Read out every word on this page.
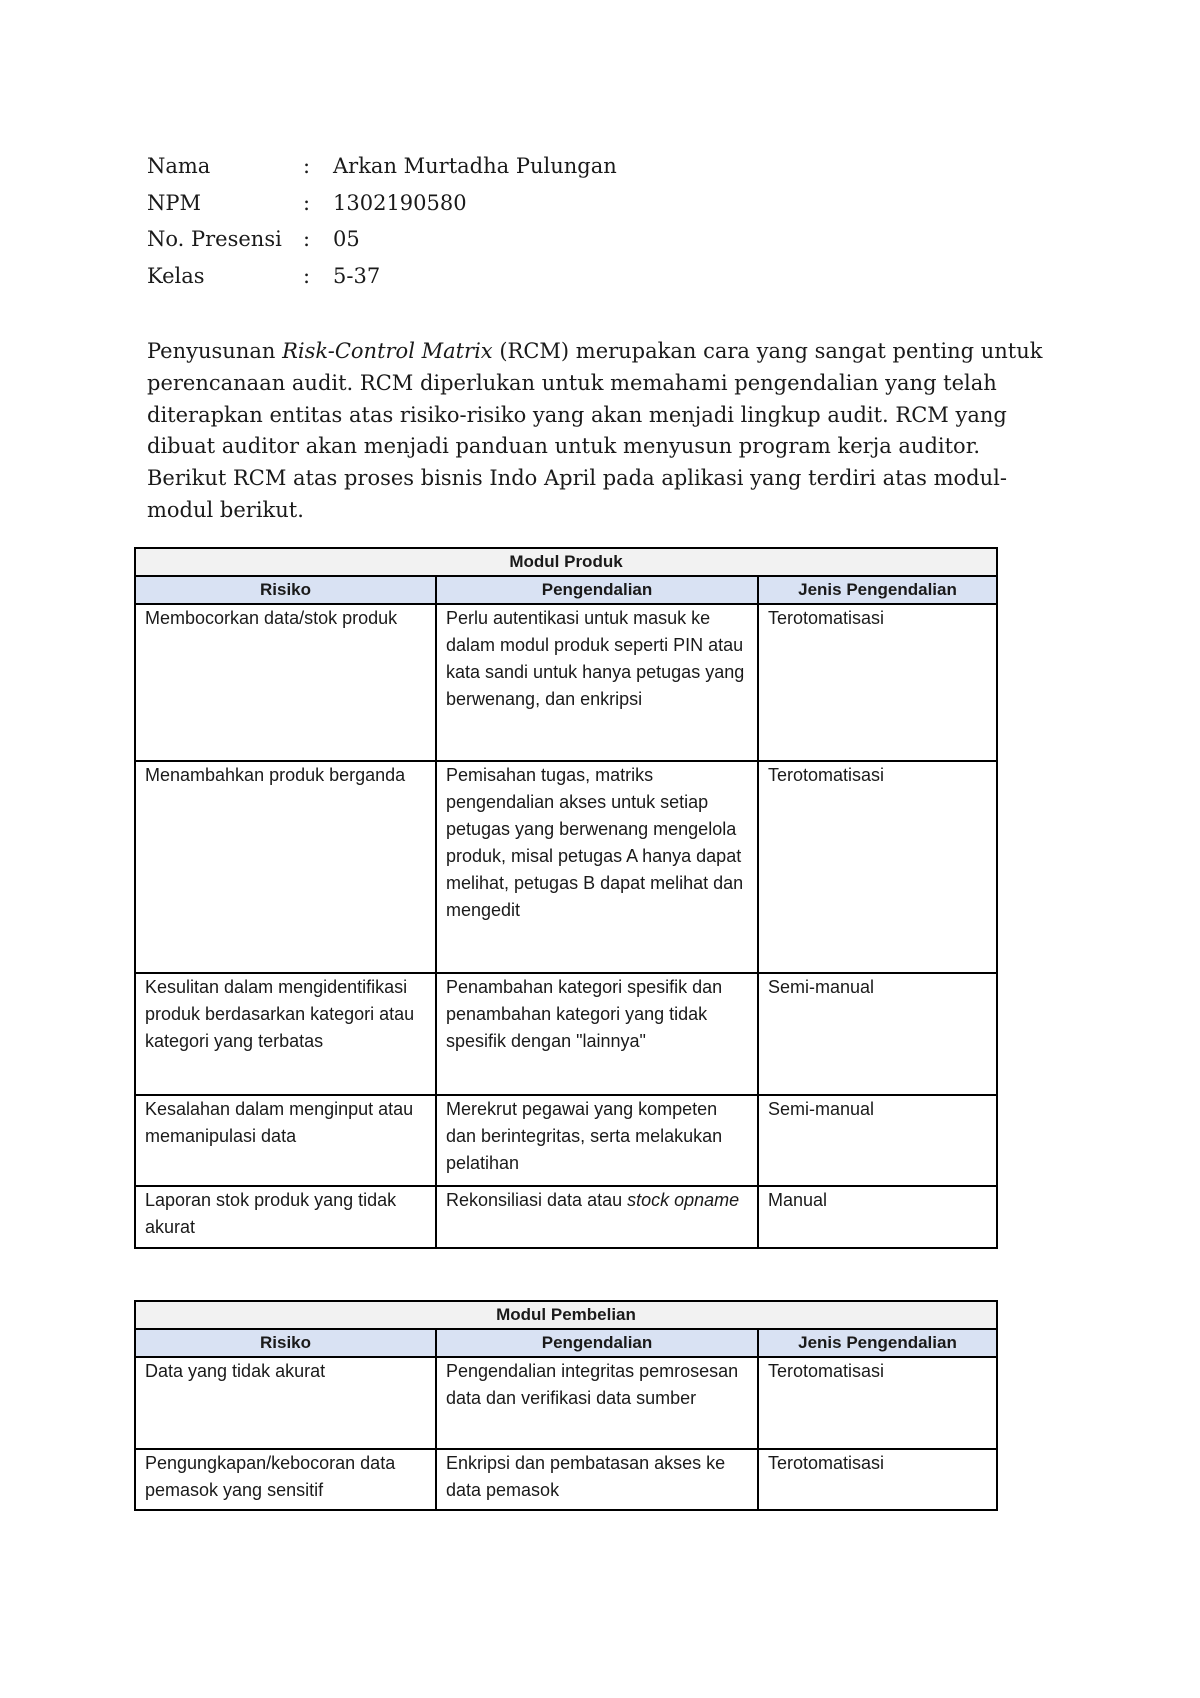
Nama	:	Arkan Murtadha Pulungan
NPM	:	1302190580
No. Presensi	:	05
Kelas	:	5-37

Penyusunan Risk-Control Matrix (RCM) merupakan cara yang sangat penting untuk perencanaan audit. RCM diperlukan untuk memahami pengendalian yang telah diterapkan entitas atas risiko-risiko yang akan menjadi lingkup audit. RCM yang dibuat auditor akan menjadi panduan untuk menyusun program kerja auditor. Berikut RCM atas proses bisnis Indo April pada aplikasi yang terdiri atas modul-modul berikut.

Modul Produk		
Risiko	Pengendalian	Jenis Pengendalian
Membocorkan data/stok produk	Perlu autentikasi untuk masuk ke dalam modul produk seperti PIN atau kata sandi untuk hanya petugas yang berwenang, dan enkripsi	Terotomatisasi
Menambahkan produk berganda	Pemisahan tugas, matriks pengendalian akses untuk setiap petugas yang berwenang mengelola produk, misal petugas A hanya dapat melihat, petugas B dapat melihat dan mengedit	Terotomatisasi
Kesulitan dalam mengidentifikasi produk berdasarkan kategori atau kategori yang terbatas	Penambahan kategori spesifik dan penambahan kategori yang tidak spesifik dengan "lainnya"	Semi-manual
Kesalahan dalam menginput atau memanipulasi data	Merekrut pegawai yang kompeten dan berintegritas, serta melakukan pelatihan	Semi-manual
Laporan stok produk yang tidak akurat	Rekonsiliasi data atau stock opname	Manual
Modul Pembelian		
Risiko	Pengendalian	Jenis Pengendalian
Data yang tidak akurat	Pengendalian integritas pemrosesan data dan verifikasi data sumber	Terotomatisasi
Pengungkapan/kebocoran data pemasok yang sensitif	Enkripsi dan pembatasan akses ke data pemasok	Terotomatisasi
